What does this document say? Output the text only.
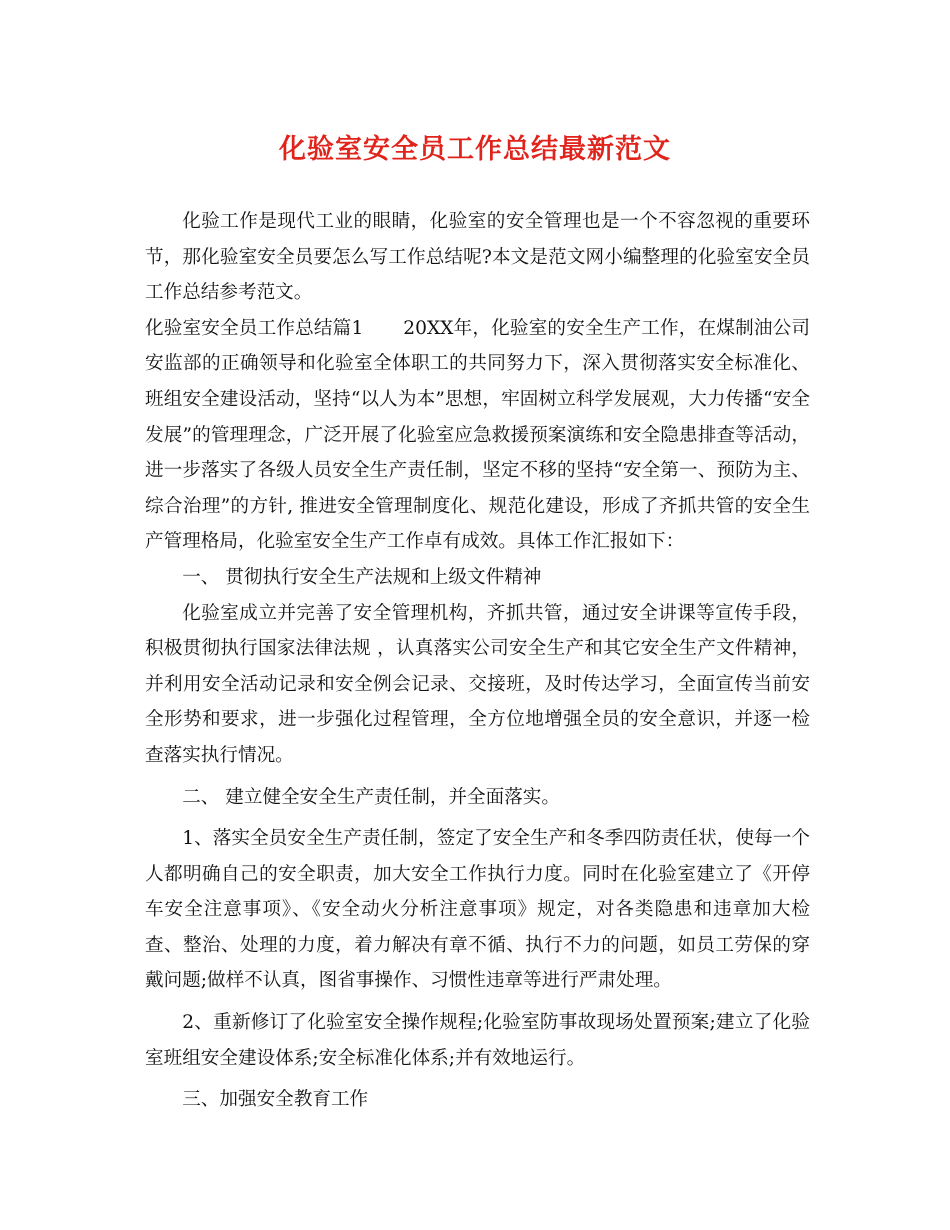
化验室安全员工作总结最新范文

化验工作是现代工业的眼睛，化验室的安全管理也是一个不容忽视的重要环节，那化验室安全员要怎么写工作总结呢?本文是范文网小编整理的化验室安全员工作总结参考范文。

化验室安全员工作总结篇1 20XX年，化验室的安全生产工作，在煤制油公司安监部的正确领导和化验室全体职工的共同努力下，深入贯彻落实安全标准化、班组安全建设活动，坚持“以人为本”思想，牢固树立科学发展观，大力传播“安全发展”的管理理念，广泛开展了化验室应急救援预案演练和安全隐患排查等活动，进一步落实了各级人员安全生产责任制，坚定不移的坚持“安全第一、预防为主、综合治理”的方针, 推进安全管理制度化、规范化建设，形成了齐抓共管的安全生产管理格局，化验室安全生产工作卓有成效。具体工作汇报如下：

一、 贯彻执行安全生产法规和上级文件精神

化验室成立并完善了安全管理机构，齐抓共管，通过安全讲课等宣传手段，积极贯彻执行国家法律法规 ，认真落实公司安全生产和其它安全生产文件精神，并利用安全活动记录和安全例会记录、交接班，及时传达学习，全面宣传当前安全形势和要求，进一步强化过程管理，全方位地增强全员的安全意识，并逐一检查落实执行情况。

二、 建立健全安全生产责任制，并全面落实。

1、落实全员安全生产责任制，签定了安全生产和冬季四防责任状，使每一个人都明确自己的安全职责，加大安全工作执行力度。同时在化验室建立了《开停车安全注意事项》、《安全动火分析注意事项》规定，对各类隐患和违章加大检查、整治、处理的力度，着力解决有章不循、执行不力的问题，如员工劳保的穿戴问题;做样不认真，图省事操作、习惯性违章等进行严肃处理。

2、重新修订了化验室安全操作规程;化验室防事故现场处置预案;建立了化验室班组安全建设体系;安全标准化体系;并有效地运行。

三、加强安全教育工作
